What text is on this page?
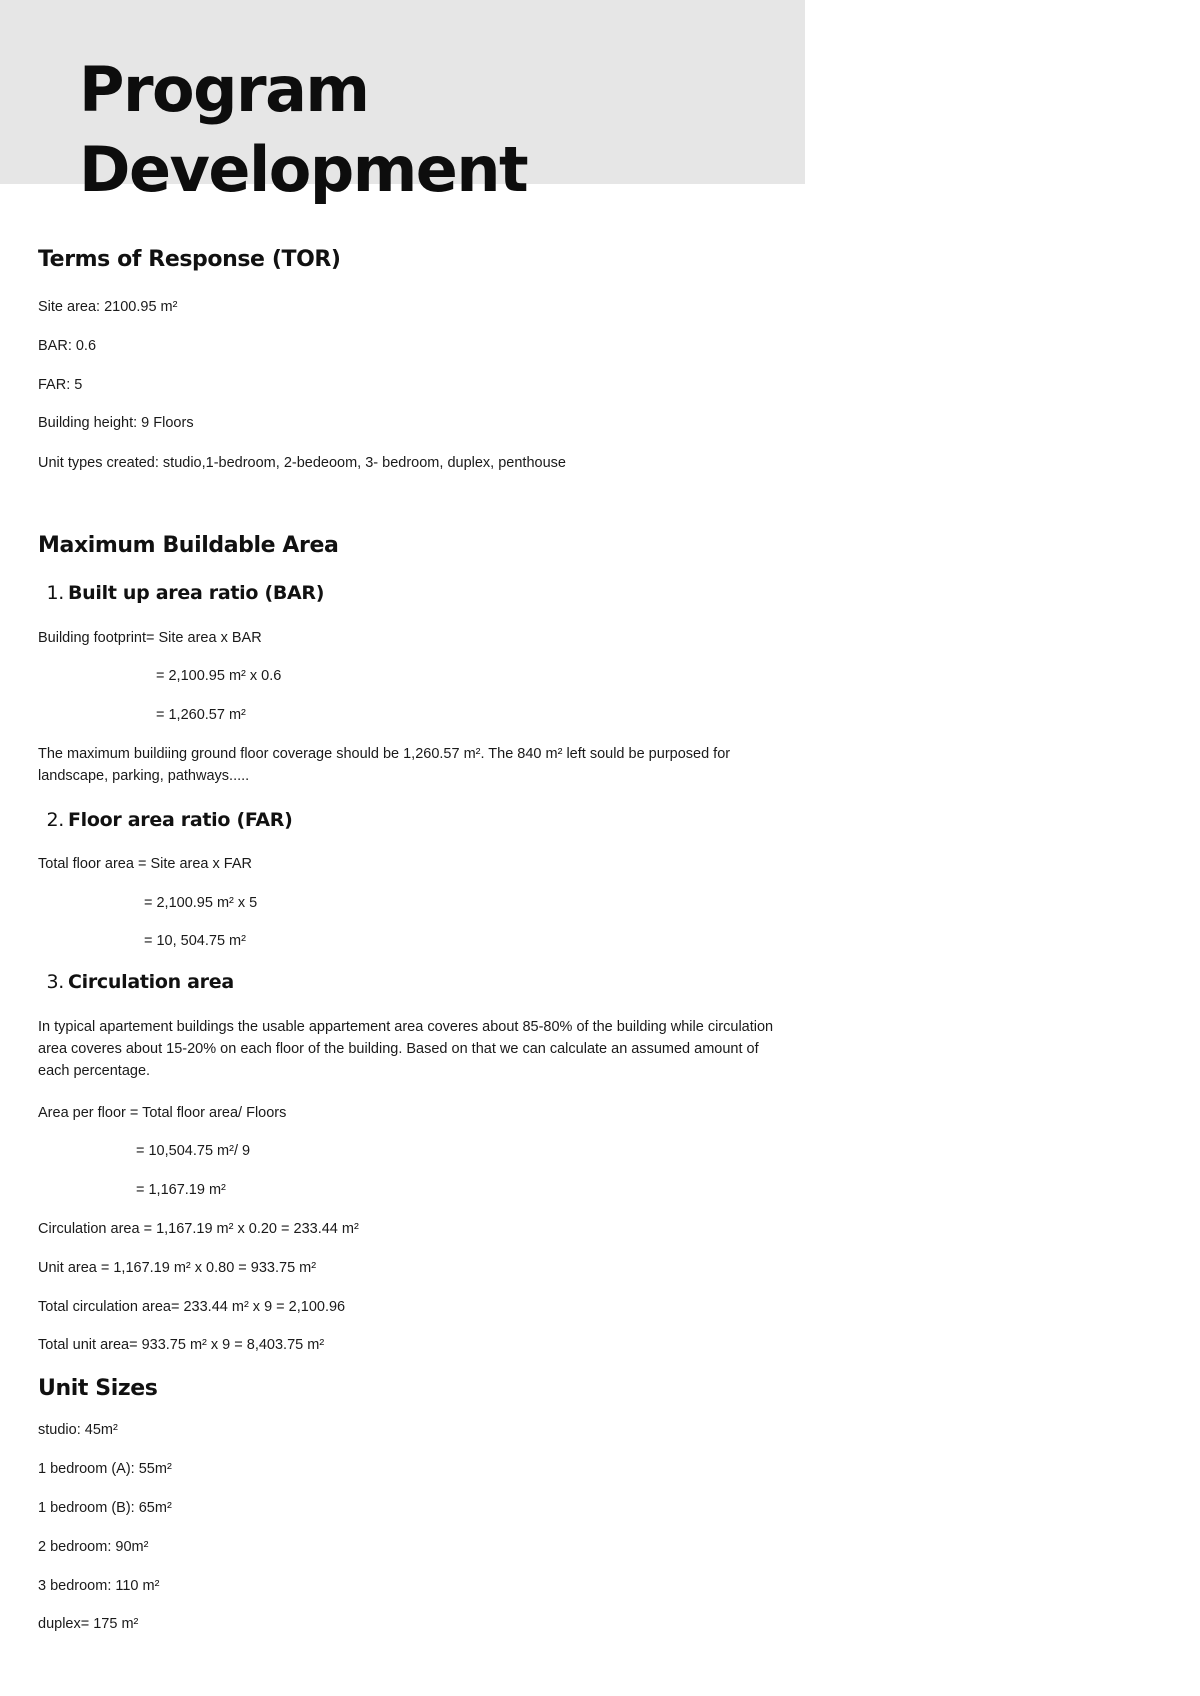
Program Development
Terms of Response (TOR)
Site area: 2100.95 m²
BAR: 0.6
FAR: 5
Building height: 9 Floors
Unit types created: studio,1-bedroom, 2-bedeoom, 3- bedroom, duplex, penthouse
Maximum Buildable Area
1. Built up area ratio (BAR)
Building footprint= Site area x BAR
= 2,100.95 m² x 0.6
= 1,260.57 m²
The maximum buildiing ground floor coverage should be 1,260.57 m². The 840 m² left sould be purposed for landscape, parking, pathways.....
2. Floor area ratio (FAR)
Total floor area = Site area x FAR
= 2,100.95 m² x 5
= 10, 504.75 m²
3. Circulation area
In typical apartement buildings the usable appartement area coveres about 85-80% of the building while circulation area coveres about 15-20% on each floor of the building. Based on that we can calculate an assumed amount of each percentage.
Area per floor = Total floor area/ Floors
= 10,504.75 m²/ 9
= 1,167.19 m²
Circulation area = 1,167.19 m² x 0.20 = 233.44 m²
Unit area = 1,167.19 m² x 0.80 = 933.75 m²
Total circulation area= 233.44 m² x 9 = 2,100.96
Total unit area= 933.75 m² x 9 = 8,403.75 m²
Unit Sizes
studio: 45m²
1 bedroom (A): 55m²
1 bedroom (B): 65m²
2 bedroom: 90m²
3 bedroom: 110 m²
duplex= 175 m²
